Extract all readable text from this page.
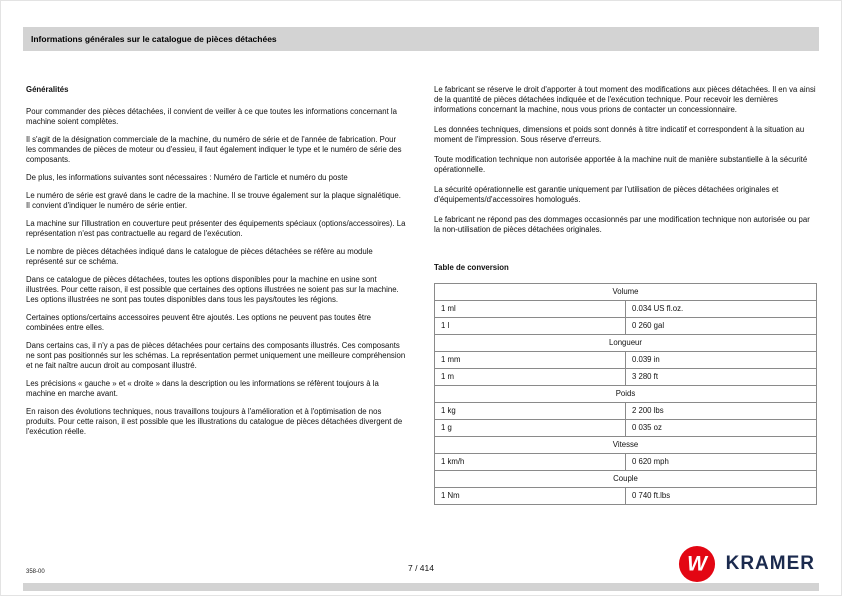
Informations générales sur le catalogue de pièces détachées
Généralités

Pour commander des pièces détachées, il convient de veiller à ce que toutes les informations concernant la machine soient complètes.

Il s'agit de la désignation commerciale de la machine, du numéro de série et de l'année de fabrication. Pour les commandes de pièces de moteur ou d'essieu, il faut également indiquer le type et le numéro de série des composants.

De plus, les informations suivantes sont nécessaires : Numéro de l'article et numéro du poste

Le numéro de série est gravé dans le cadre de la machine. Il se trouve également sur la plaque signalétique. Il convient d'indiquer le numéro de série entier.

La machine sur l'illustration en couverture peut présenter des équipements spéciaux (options/accessoires). La représentation n'est pas contractuelle au regard de l'exécution.

Le nombre de pièces détachées indiqué dans le catalogue de pièces détachées se réfère au module représenté sur ce schéma.

Dans ce catalogue de pièces détachées, toutes les options disponibles pour la machine en usine sont illustrées. Pour cette raison, il est possible que certaines des options illustrées ne soient pas sur la machine. Les options illustrées ne sont pas toutes disponibles dans tous les pays/toutes les régions.

Certaines options/certains accessoires peuvent être ajoutés. Les options ne peuvent pas toutes être combinées entre elles.

Dans certains cas, il n'y a pas de pièces détachées pour certains des composants illustrés. Ces composants ne sont pas positionnés sur les schémas. La représentation permet uniquement une meilleure compréhension et ne fait naître aucun droit au composant illustré.

Les précisions « gauche » et « droite » dans la description ou les informations se réfèrent toujours à la machine en marche avant.

En raison des évolutions techniques, nous travaillons toujours à l'amélioration et à l'optimisation de nos produits. Pour cette raison, il est possible que les illustrations du catalogue de pièces détachées divergent de l'exécution réelle.

Le fabricant se réserve le droit d'apporter à tout moment des modifications aux pièces détachées. Il en va ainsi de la quantité de pièces détachées indiquée et de l'exécution technique. Pour recevoir les dernières informations concernant la machine, nous vous prions de contacter un concessionnaire.

Les données techniques, dimensions et poids sont donnés à titre indicatif et correspondent à la situation au moment de l'impression. Sous réserve d'erreurs.

Toute modification technique non autorisée apportée à la machine nuit de manière substantielle à la sécurité opérationnelle.

La sécurité opérationnelle est garantie uniquement par l'utilisation de pièces détachées originales et d'équipements/d'accessoires homologués.

Le fabricant ne répond pas des dommages occasionnés par une modification technique non autorisée ou par la non-utilisation de pièces détachées originales.

Table de conversion
Volume	
1 ml	0.034 US fl.oz.
1 l	0 260 gal
Longueur	
1 mm	0.039 in
1 m	3 280 ft
Poids	
1 kg	2 200 lbs
1 g	0 035 oz
Vitesse	
1 km/h	0 620 mph
Couple	
1 Nm	0 740 ft.lbs
358-00	7 / 414	W KRAMER
